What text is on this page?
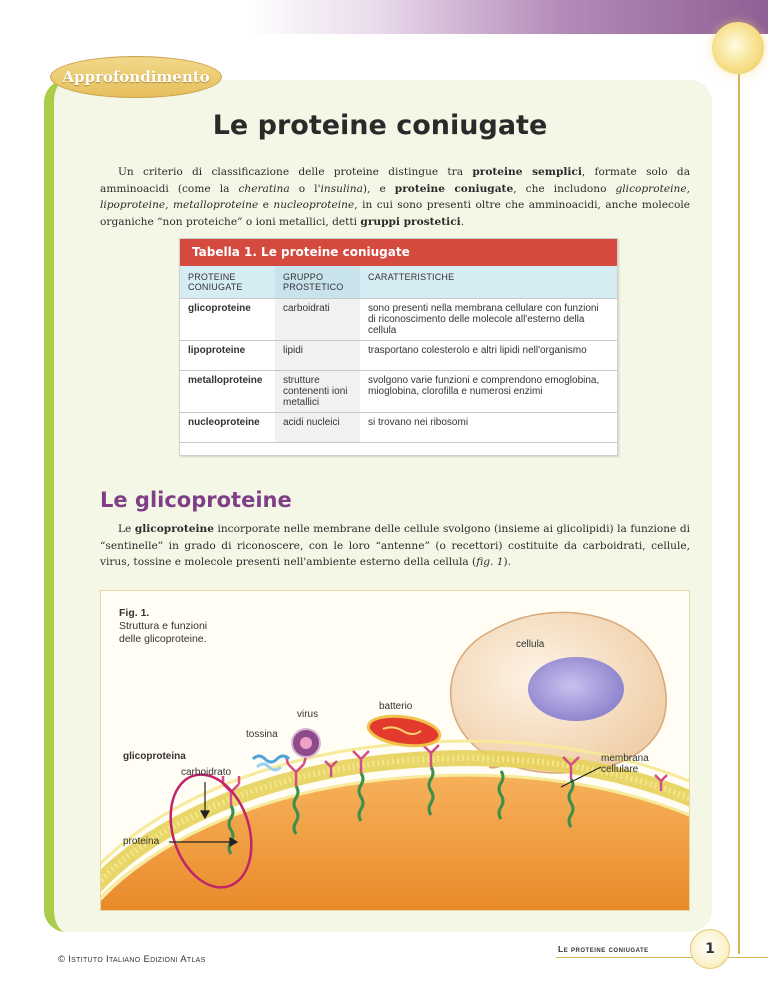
Approfondimento
Le proteine coniugate

Un criterio di classificazione delle proteine distingue tra proteine semplici, formate solo da amminoacidi (come la cheratina o l'insulina), e proteine coniugate, che includono glicoproteine, lipoproteine, metalloproteine e nucleoproteine, in cui sono presenti oltre che amminoacidi, anche molecole organiche “non proteiche” o ioni metallici, detti gruppi prostetici.

Tabella 1. Le proteine coniugate
PROTEINE CONIUGATE	GRUPPO PROSTETICO	CARATTERISTICHE
glicoproteine	carboidrati	sono presenti nella membrana cellulare con funzioni di riconoscimento delle molecole all'esterno della cellula
lipoproteine	lipidi	trasportano colesterolo e altri lipidi nell'organismo
metalloproteine	strutture contenenti ioni metallici	svolgono varie funzioni e comprendono emoglobina, mioglobina, clorofilla e numerosi enzimi
nucleoproteine	acidi nucleici	si trovano nei ribosomi
Le glicoproteine

Le glicoproteine incorporate nelle membrane delle cellule svolgono (insieme ai glicolipidi) la funzione di “sentinelle” in grado di riconoscere, con le loro “antenne” (o recettori) costituite da carboidrati, cellule, virus, tossine e molecole presenti nell'ambiente esterno della cellula (fig. 1).

Fig. 1.
Struttura e funzioni
delle glicoproteine.	cellula
batterio
virus
tossina
glicoproteina
carboidrato
membrana
cellulare
proteina
© Istituto Italiano Edizioni Atlas
Le proteine coniugate	1
